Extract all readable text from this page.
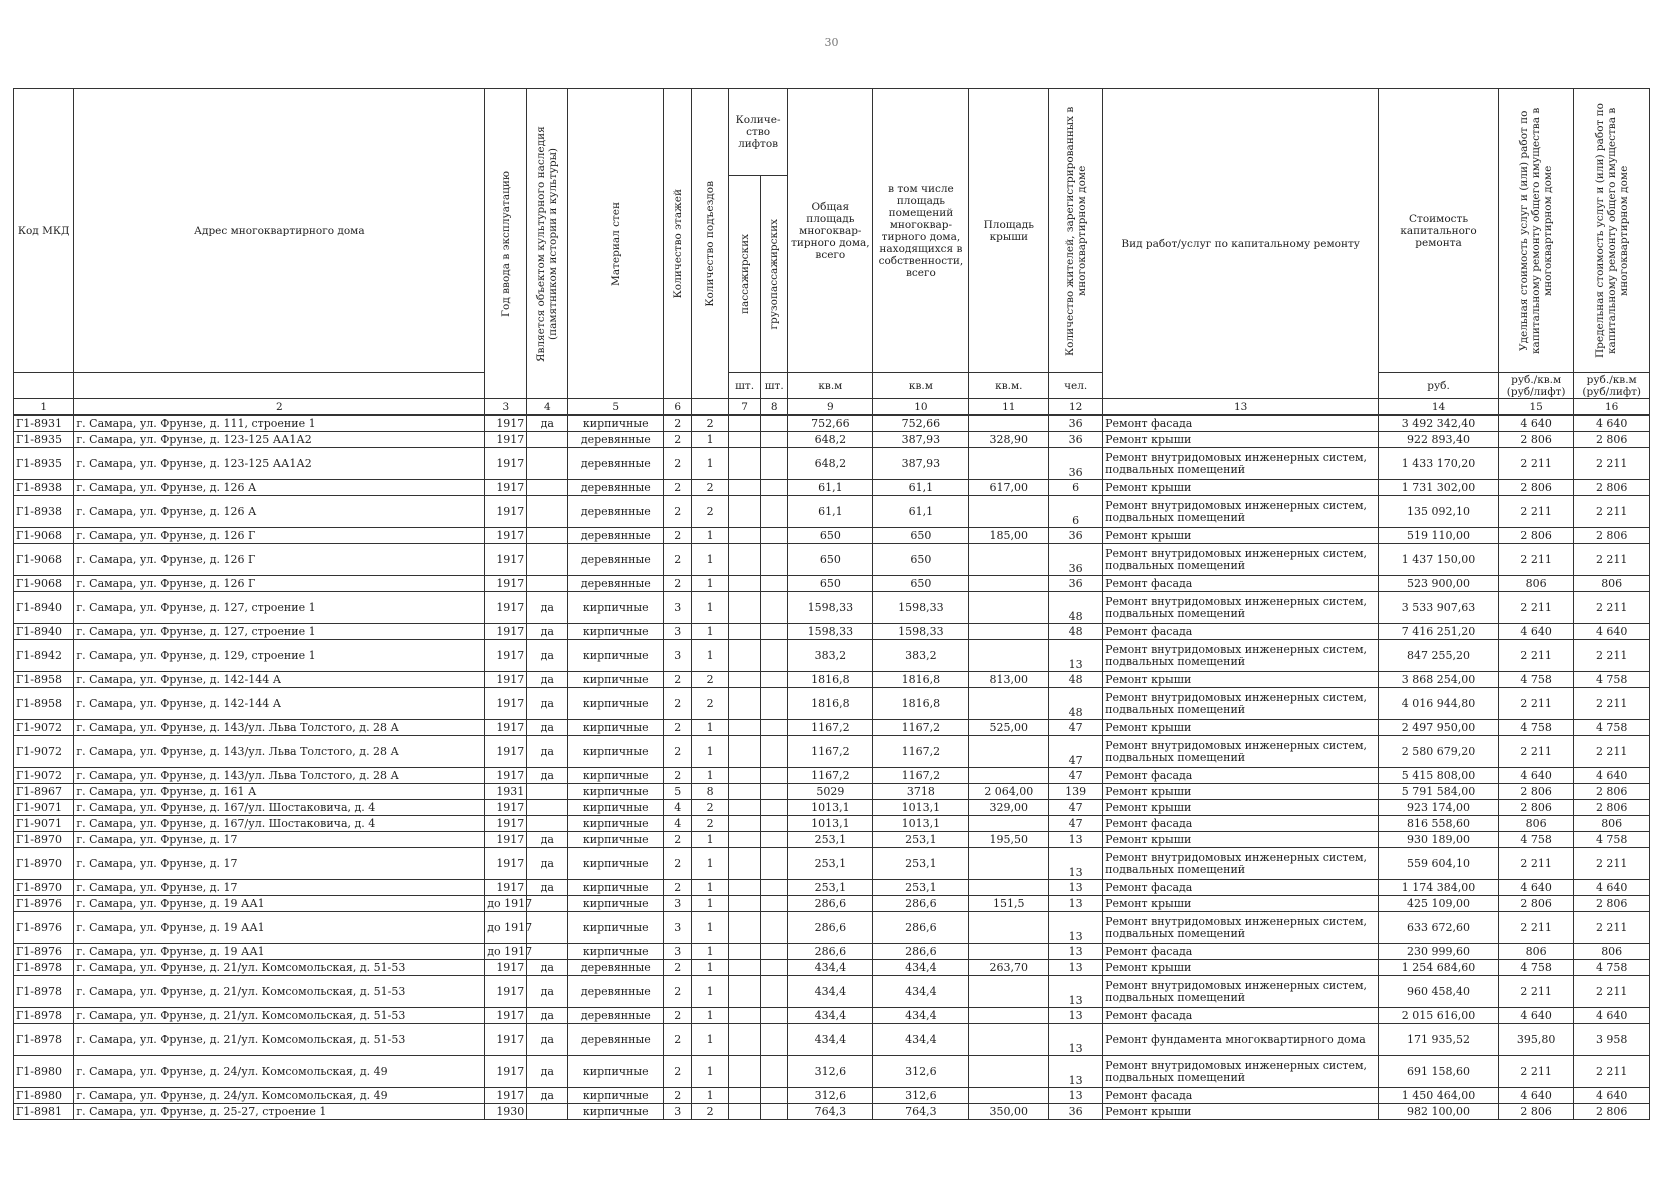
30
Код МКД	Адрес многоквартирного дома	Год ввода в эксплуатацию	Является объектом культурного наследия (памятником истории и культуры)	Материал стен	Количество этажей	Количество подъездов	Количе-ство лифтов		Общая площадь многоквар-тирного дома, всего	в том числе площадь помещений многоквар-тирного дома, находящихся в собственности, всего	Площадь крыши	Количество жителей, зарегистрированных в многоквартирном доме	Вид работ/услуг по капитальному ремонту	Стоимость капитального ремонта	Удельная стоимость услуг и (или) работ по капитальному ремонту общего имущества в многоквартирном доме	Предельная стоимость услуг и (или) работ по капитальному ремонту общего имущества в многоквартирном доме

							пассажирских	грузопассажирских								

							шт.	шт.	кв.м	кв.м	кв.м.	чел.		руб.	руб./кв.м (руб/лифт)	руб./кв.м (руб/лифт)
1	2	3	4	5	6		7	8	9	10	11	12	13	14	15	16
Г1-8931	г. Самара, ул. Фрунзе, д. 111, строение 1	1917	да	кирпичные	2	2			752,66	752,66		36	Ремонт фасада	3 492 342,40	4 640	4 640
Г1-8935	г. Самара, ул. Фрунзе, д. 123-125 АА1А2	1917		деревянные	2	1			648,2	387,93	328,90	36	Ремонт крыши	922 893,40	2 806	2 806
Г1-8935	г. Самара, ул. Фрунзе, д. 123-125 АА1А2	1917		деревянные	2	1			648,2	387,93		36	Ремонт внутридомовых инженерных систем, подвальных помещений	1 433 170,20	2 211	2 211
Г1-8938	г. Самара, ул. Фрунзе, д. 126 А	1917		деревянные	2	2			61,1	61,1	617,00	6	Ремонт крыши	1 731 302,00	2 806	2 806
Г1-8938	г. Самара, ул. Фрунзе, д. 126 А	1917		деревянные	2	2			61,1	61,1		6	Ремонт внутридомовых инженерных систем, подвальных помещений	135 092,10	2 211	2 211
Г1-9068	г. Самара, ул. Фрунзе, д. 126 Г	1917		деревянные	2	1			650	650	185,00	36	Ремонт крыши	519 110,00	2 806	2 806
Г1-9068	г. Самара, ул. Фрунзе, д. 126 Г	1917		деревянные	2	1			650	650		36	Ремонт внутридомовых инженерных систем, подвальных помещений	1 437 150,00	2 211	2 211
Г1-9068	г. Самара, ул. Фрунзе, д. 126 Г	1917		деревянные	2	1			650	650		36	Ремонт фасада	523 900,00	806	806
Г1-8940	г. Самара, ул. Фрунзе, д. 127, строение 1	1917	да	кирпичные	3	1			1598,33	1598,33		48	Ремонт внутридомовых инженерных систем, подвальных помещений	3 533 907,63	2 211	2 211
Г1-8940	г. Самара, ул. Фрунзе, д. 127, строение 1	1917	да	кирпичные	3	1			1598,33	1598,33		48	Ремонт фасада	7 416 251,20	4 640	4 640
Г1-8942	г. Самара, ул. Фрунзе, д. 129, строение 1	1917	да	кирпичные	3	1			383,2	383,2		13	Ремонт внутридомовых инженерных систем, подвальных помещений	847 255,20	2 211	2 211
Г1-8958	г. Самара, ул. Фрунзе, д. 142-144 А	1917	да	кирпичные	2	2			1816,8	1816,8	813,00	48	Ремонт крыши	3 868 254,00	4 758	4 758
Г1-8958	г. Самара, ул. Фрунзе, д. 142-144 А	1917	да	кирпичные	2	2			1816,8	1816,8		48	Ремонт внутридомовых инженерных систем, подвальных помещений	4 016 944,80	2 211	2 211
Г1-9072	г. Самара, ул. Фрунзе, д. 143/ул. Льва Толстого, д. 28 А	1917	да	кирпичные	2	1			1167,2	1167,2	525,00	47	Ремонт крыши	2 497 950,00	4 758	4 758
Г1-9072	г. Самара, ул. Фрунзе, д. 143/ул. Льва Толстого, д. 28 А	1917	да	кирпичные	2	1			1167,2	1167,2		47	Ремонт внутридомовых инженерных систем, подвальных помещений	2 580 679,20	2 211	2 211
Г1-9072	г. Самара, ул. Фрунзе, д. 143/ул. Льва Толстого, д. 28 А	1917	да	кирпичные	2	1			1167,2	1167,2		47	Ремонт фасада	5 415 808,00	4 640	4 640
Г1-8967	г. Самара, ул. Фрунзе, д. 161 А	1931		кирпичные	5	8			5029	3718	2 064,00	139	Ремонт крыши	5 791 584,00	2 806	2 806
Г1-9071	г. Самара, ул. Фрунзе, д. 167/ул. Шостаковича, д. 4	1917		кирпичные	4	2			1013,1	1013,1	329,00	47	Ремонт крыши	923 174,00	2 806	2 806
Г1-9071	г. Самара, ул. Фрунзе, д. 167/ул. Шостаковича, д. 4	1917		кирпичные	4	2			1013,1	1013,1		47	Ремонт фасада	816 558,60	806	806
Г1-8970	г. Самара, ул. Фрунзе, д. 17	1917	да	кирпичные	2	1			253,1	253,1	195,50	13	Ремонт крыши	930 189,00	4 758	4 758
Г1-8970	г. Самара, ул. Фрунзе, д. 17	1917	да	кирпичные	2	1			253,1	253,1		13	Ремонт внутридомовых инженерных систем, подвальных помещений	559 604,10	2 211	2 211
Г1-8970	г. Самара, ул. Фрунзе, д. 17	1917	да	кирпичные	2	1			253,1	253,1		13	Ремонт фасада	1 174 384,00	4 640	4 640
Г1-8976	г. Самара, ул. Фрунзе, д. 19 АА1	до 1917		кирпичные	3	1			286,6	286,6	151,5	13	Ремонт крыши	425 109,00	2 806	2 806
Г1-8976	г. Самара, ул. Фрунзе, д. 19 АА1	до 1917		кирпичные	3	1			286,6	286,6		13	Ремонт внутридомовых инженерных систем, подвальных помещений	633 672,60	2 211	2 211
Г1-8976	г. Самара, ул. Фрунзе, д. 19 АА1	до 1917		кирпичные	3	1			286,6	286,6		13	Ремонт фасада	230 999,60	806	806
Г1-8978	г. Самара, ул. Фрунзе, д. 21/ул. Комсомольская, д. 51-53	1917	да	деревянные	2	1			434,4	434,4	263,70	13	Ремонт крыши	1 254 684,60	4 758	4 758
Г1-8978	г. Самара, ул. Фрунзе, д. 21/ул. Комсомольская, д. 51-53	1917	да	деревянные	2	1			434,4	434,4		13	Ремонт внутридомовых инженерных систем, подвальных помещений	960 458,40	2 211	2 211
Г1-8978	г. Самара, ул. Фрунзе, д. 21/ул. Комсомольская, д. 51-53	1917	да	деревянные	2	1			434,4	434,4		13	Ремонт фасада	2 015 616,00	4 640	4 640
Г1-8978	г. Самара, ул. Фрунзе, д. 21/ул. Комсомольская, д. 51-53	1917	да	деревянные	2	1			434,4	434,4		13	Ремонт фундамента многоквартирного дома	171 935,52	395,80	3 958
Г1-8980	г. Самара, ул. Фрунзе, д. 24/ул. Комсомольская, д. 49	1917	да	кирпичные	2	1			312,6	312,6		13	Ремонт внутридомовых инженерных систем, подвальных помещений	691 158,60	2 211	2 211
Г1-8980	г. Самара, ул. Фрунзе, д. 24/ул. Комсомольская, д. 49	1917	да	кирпичные	2	1			312,6	312,6		13	Ремонт фасада	1 450 464,00	4 640	4 640
Г1-8981	г. Самара, ул. Фрунзе, д. 25-27, строение 1	1930		кирпичные	3	2			764,3	764,3	350,00	36	Ремонт крыши	982 100,00	2 806	2 806
